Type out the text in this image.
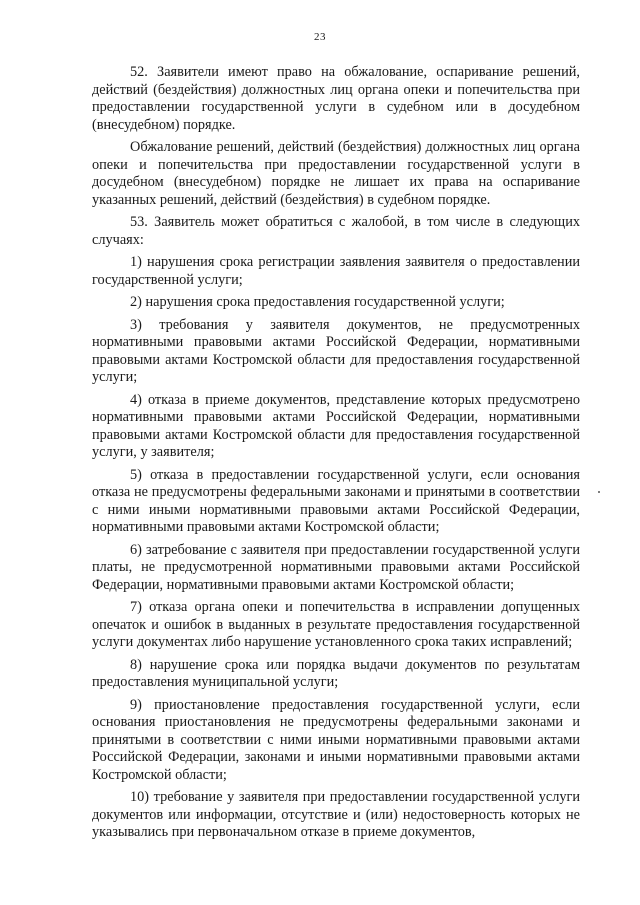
23

52. Заявители имеют право на обжалование, оспаривание решений, действий (бездействия) должностных лиц органа опеки и попечительства при предоставлении государственной услуги в судебном или в досудебном (внесудебном) порядке.

Обжалование решений, действий (бездействия) должностных лиц органа опеки и попечительства при предоставлении государственной услуги в досудебном (внесудебном) порядке не лишает их права на оспаривание указанных решений, действий (бездействия) в судебном порядке.

53. Заявитель может обратиться с жалобой, в том числе в следующих случаях:

1) нарушения срока регистрации заявления заявителя о предоставлении государственной услуги;

2) нарушения срока предоставления государственной услуги;

3) требования у заявителя документов, не предусмотренных нормативными правовыми актами Российской Федерации, нормативными правовыми актами Костромской области для предоставления государственной услуги;

4) отказа в приеме документов, представление которых предусмотрено нормативными правовыми актами Российской Федерации, нормативными правовыми актами Костромской области для предоставления государственной услуги, у заявителя;

5) отказа в предоставлении государственной услуги, если основания отказа не предусмотрены федеральными законами и принятыми в соответствии с ними иными нормативными правовыми актами Российской Федерации, нормативными правовыми актами Костромской области;

6) затребование с заявителя при предоставлении государственной услуги платы, не предусмотренной нормативными правовыми актами Российской Федерации, нормативными правовыми актами Костромской области;

7) отказа органа опеки и попечительства в исправлении допущенных опечаток и ошибок в выданных в результате предоставления государственной услуги документах либо нарушение установленного срока таких исправлений;

8) нарушение срока или порядка выдачи документов по результатам предоставления муниципальной услуги;

9) приостановление предоставления государственной услуги, если основания приостановления не предусмотрены федеральными законами и принятыми в соответствии с ними иными нормативными правовыми актами Российской Федерации, законами и иными нормативными правовыми актами Костромской области;

10) требование у заявителя при предоставлении государственной услуги документов или информации, отсутствие и (или) недостоверность которых не указывались при первоначальном отказе в приеме документов,
